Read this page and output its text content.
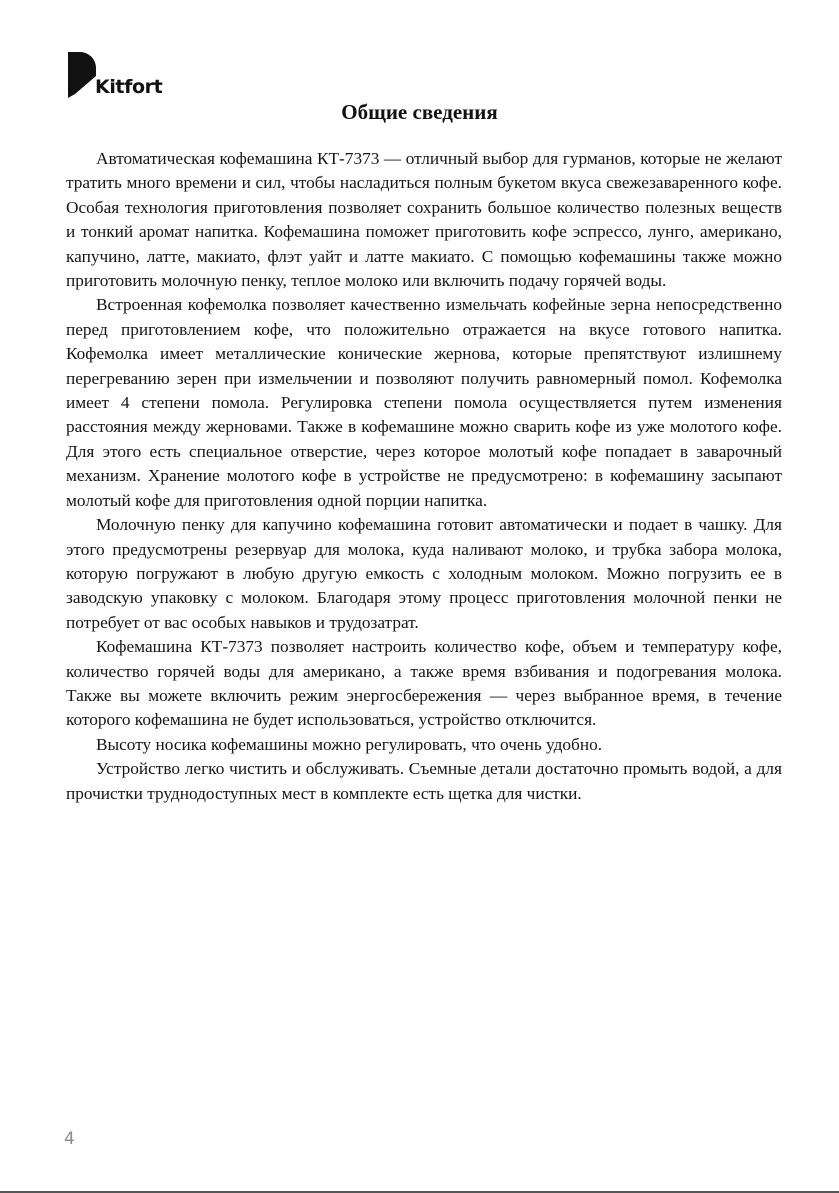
Kitfort
Общие сведения

Автоматическая кофемашина КТ-7373 — отличный выбор для гурманов, которые не желают тратить много времени и сил, чтобы насладиться полным букетом вкуса свежезаваренного кофе. Особая технология приготовления позволяет сохранить большое количество полезных веществ и тонкий аромат напитка. Кофемашина поможет приготовить кофе эспрессо, лунго, американо, капучино, латте, макиато, флэт уайт и латте макиато. С помощью кофемашины также можно приготовить молочную пенку, теплое молоко или включить подачу горячей воды.

Встроенная кофемолка позволяет качественно измельчать кофейные зерна непосредственно перед приготовлением кофе, что положительно отражается на вкусе готового напитка. Кофемолка имеет металлические конические жернова, которые препятствуют излишнему перегреванию зерен при измельчении и позволяют получить равномерный помол. Кофемолка имеет 4 степени помола. Регулировка степени помола осуществляется путем изменения расстояния между жерновами. Также в кофемашине можно сварить кофе из уже молотого кофе. Для этого есть специальное отверстие, через которое молотый кофе попадает в заварочный механизм. Хранение молотого кофе в устройстве не предусмотрено: в кофемашину засыпают молотый кофе для приготовления одной порции напитка.

Молочную пенку для капучино кофемашина готовит автоматически и подает в чашку. Для этого предусмотрены резервуар для молока, куда наливают молоко, и трубка забора молока, которую погружают в любую другую емкость с холодным молоком. Можно погрузить ее в заводскую упаковку с молоком. Благодаря этому процесс приготовления молочной пенки не потребует от вас особых навыков и трудозатрат.

Кофемашина КТ-7373 позволяет настроить количество кофе, объем и температуру кофе, количество горячей воды для американо, а также время взбивания и подогревания молока. Также вы можете включить режим энергосбережения — через выбранное время, в течение которого кофемашина не будет использоваться, устройство отключится.

Высоту носика кофемашины можно регулировать, что очень удобно.

Устройство легко чистить и обслуживать. Съемные детали достаточно промыть водой, а для прочистки труднодоступных мест в комплекте есть щетка для чистки.

4
